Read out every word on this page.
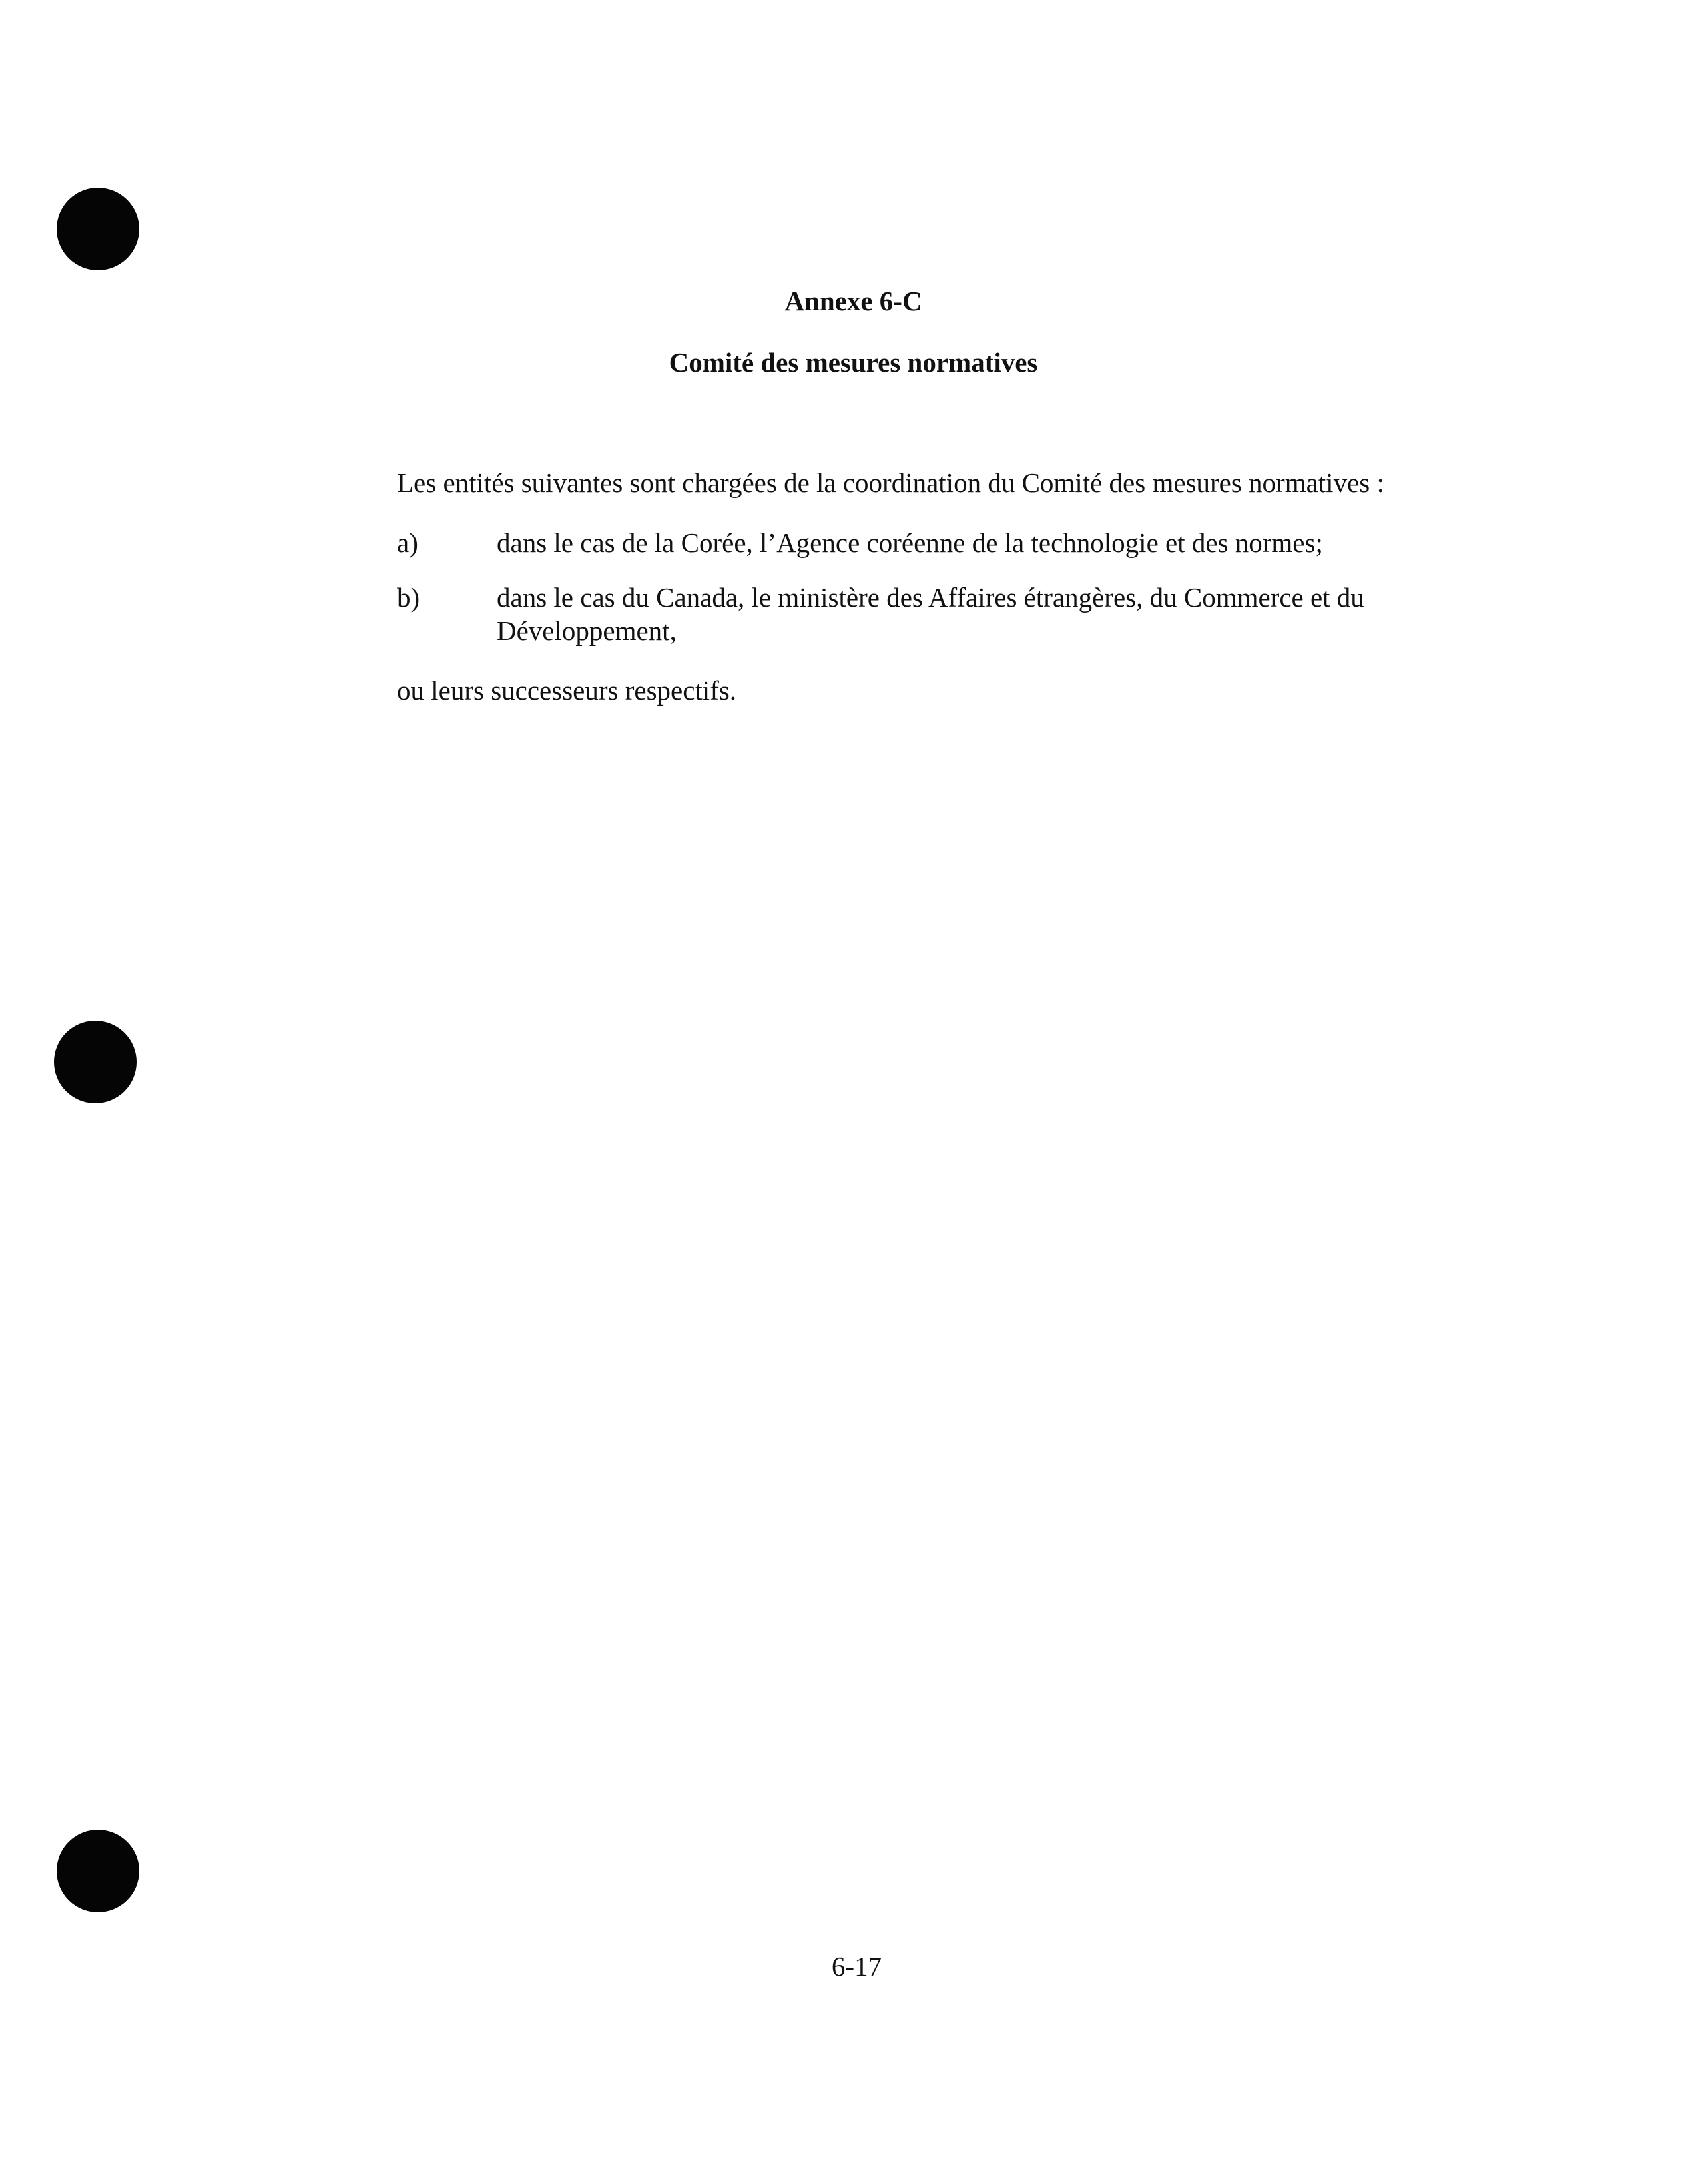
Annexe 6-C
Comité des mesures normatives

Les entités suivantes sont chargées de la coordination du Comité des mesures normatives :

a)	dans le cas de la Corée, l’Agence coréenne de la technologie et des normes;
b)	dans le cas du Canada, le ministère des Affaires étrangères, du Commerce et du
Développement,

ou leurs successeurs respectifs.

6-17
